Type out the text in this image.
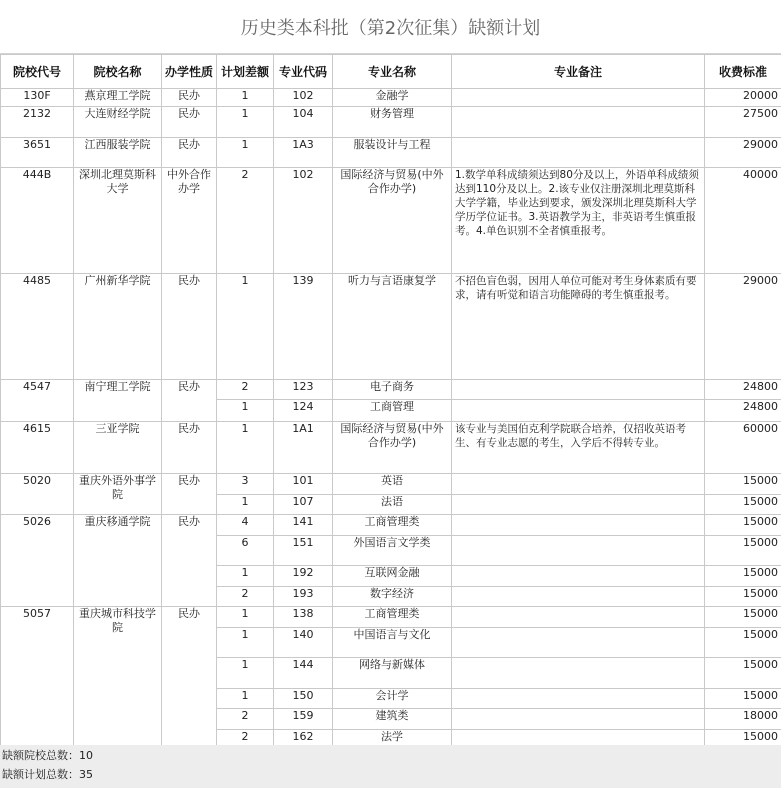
历史类本科批（第2次征集）缺额计划
院校代号	院校名称	办学性质	计划差额	专业代码	专业名称	专业备注	收费标准
130F	燕京理工学院	民办	1	102	金融学		20000
2132	大连财经学院	民办	1	104	财务管理		27500
3651	江西服装学院	民办	1	1A3	服装设计与工程		29000
444B	深圳北理莫斯科大学	中外合作办学	2	102	国际经济与贸易(中外合作办学)	1.数学单科成绩须达到80分及以上，外语单科成绩须达到110分及以上。2.该专业仅注册深圳北理莫斯科大学学籍，毕业达到要求，颁发深圳北理莫斯科大学学历学位证书。3.英语教学为主，非英语考生慎重报考。4.单色识别不全者慎重报考。	40000
4485	广州新华学院	民办	1	139	听力与言语康复学	不招色盲色弱，因用人单位可能对考生身体素质有要求，请有听觉和语言功能障碍的考生慎重报考。	29000
4547	南宁理工学院	民办	2	123	电子商务		24800
			1	124	工商管理		24800
4615	三亚学院	民办	1	1A1	国际经济与贸易(中外合作办学)	该专业与美国伯克利学院联合培养，仅招收英语考生、有专业志愿的考生，入学后不得转专业。	60000
5020	重庆外语外事学院	民办	3	101	英语		15000
			1	107	法语		15000
5026	重庆移通学院	民办	4	141	工商管理类		15000
			6	151	外国语言文学类		15000
			1	192	互联网金融		15000
			2	193	数字经济		15000
5057	重庆城市科技学院	民办	1	138	工商管理类		15000
			1	140	中国语言与文化		15000
			1	144	网络与新媒体		15000
			1	150	会计学		15000
			2	159	建筑类		18000
			2	162	法学		15000
缺额院校总数：10
缺额计划总数：35
